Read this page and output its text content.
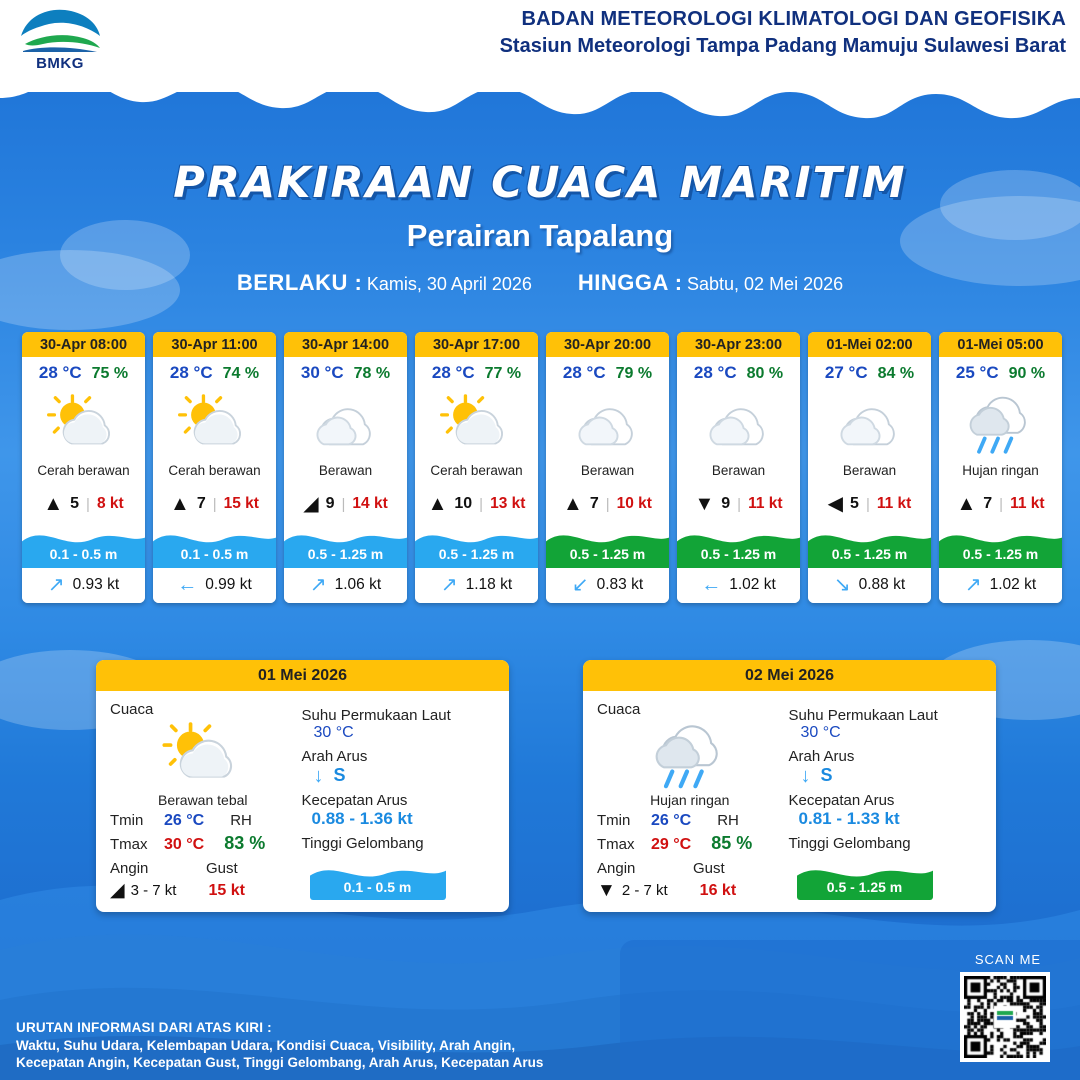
BMKG
BADAN METEOROLOGI KLIMATOLOGI DAN GEOFISIKA
Stasiun Meteorologi Tampa Padang Mamuju Sulawesi Barat
PRAKIRAAN CUACA MARITIM
Perairan Tapalang
BERLAKU : Kamis, 30 April 2026 HINGGA : Sabtu, 02 Mei 2026
30-Apr 08:00
28 °C 75 %
Cerah berawan
▲ 5 | 8 kt
0.1 - 0.5 m
↗ 0.93 kt
30-Apr 11:00
28 °C 74 %
Cerah berawan
▲ 7 | 15 kt
0.1 - 0.5 m
← 0.99 kt
30-Apr 14:00
30 °C 78 %
Berawan
◢ 9 | 14 kt
0.5 - 1.25 m
↗ 1.06 kt
30-Apr 17:00
28 °C 77 %
Cerah berawan
▲ 10 | 13 kt
0.5 - 1.25 m
↗ 1.18 kt
30-Apr 20:00
28 °C 79 %
Berawan
▲ 7 | 10 kt
0.5 - 1.25 m
↙ 0.83 kt
30-Apr 23:00
28 °C 80 %
Berawan
▼ 9 | 11 kt
0.5 - 1.25 m
← 1.02 kt
01-Mei 02:00
27 °C 84 %
Berawan
◀ 5 | 11 kt
0.5 - 1.25 m
↘ 0.88 kt
01-Mei 05:00
25 °C 90 %
Hujan ringan
▲ 7 | 11 kt
0.5 - 1.25 m
↗ 1.02 kt
01 Mei 2026
Cuaca
Berawan tebal
Tmin	26 °C RH
Tmax	30 °C 83 %
Angin	Gust
◢ 3 - 7 kt 15 kt
Suhu Permukaan Laut
30 °C
Arah Arus
↓ S
Kecepatan Arus
0.88 - 1.36 kt
Tinggi Gelombang
0.1 - 0.5 m
02 Mei 2026
Cuaca
Hujan ringan
Tmin	26 °C RH
Tmax	29 °C 85 %
Angin	Gust
▼ 2 - 7 kt 16 kt
Suhu Permukaan Laut
30 °C
Arah Arus
↓ S
Kecepatan Arus
0.81 - 1.33 kt
Tinggi Gelombang
0.5 - 1.25 m
URUTAN INFORMASI DARI ATAS KIRI :
Waktu, Suhu Udara, Kelembapan Udara, Kondisi Cuaca, Visibility, Arah Angin,
Kecepatan Angin, Kecepatan Gust, Tinggi Gelombang, Arah Arus, Kecepatan Arus
SCAN ME
